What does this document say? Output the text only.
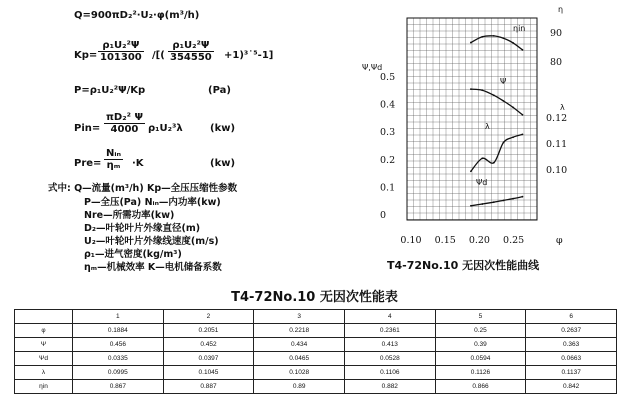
Q=900πD₂²·U₂·φ(m³/h)
$Kp= \frac{\text{ρ₁U₂²Ψ}}{101300}$ /[( $\frac{\text{ρ₁U₂²Ψ}}{354550}$ +1)³˙⁵-1]
P=ρ₁U₂²Ψ/Kp	(Pa)
$Pin= \frac{\text{πD₂² Ψ}}{4000} \rho_1U_2^3\lambda$	(kw)
Pre=
Nᵢₙ
ηₘ ·K	(kw)
式中: Q—流量(m³/h) Kp—全压压缩性参数
P—全压(Pa) Nᵢₙ—内功率(kw)
Nre—所需功率(kw)
D₂—叶轮叶片外缘直径(m)
U₂—叶轮叶片外缘线速度(m/s)
ρ₁—进气密度(kg/m³)
ηₘ—机械效率 K—电机储备系数
Ψ,Ψd
0.5
0.4
0.3
0.2
0.1
0
η
90
80
λ
0.12
0.11
0.10
0.10 0.15 0.20 0.25	φ
ηin
Ψ
λ
Ψd
T4-72No.10 无因次性能曲线
T4-72No.10 无因次性能表
	1	2	3	4	5	6
φ	0.1884	0.2051	0.2218	0.2361	0.25	0.2637
Ψ	0.456	0.452	0.434	0.413	0.39	0.363
Ψd	0.0335	0.0397	0.0465	0.0528	0.0594	0.0663
λ	0.0995	0.1045	0.1028	0.1106	0.1126	0.1137
ηin	0.867	0.887	0.89	0.882	0.866	0.842
